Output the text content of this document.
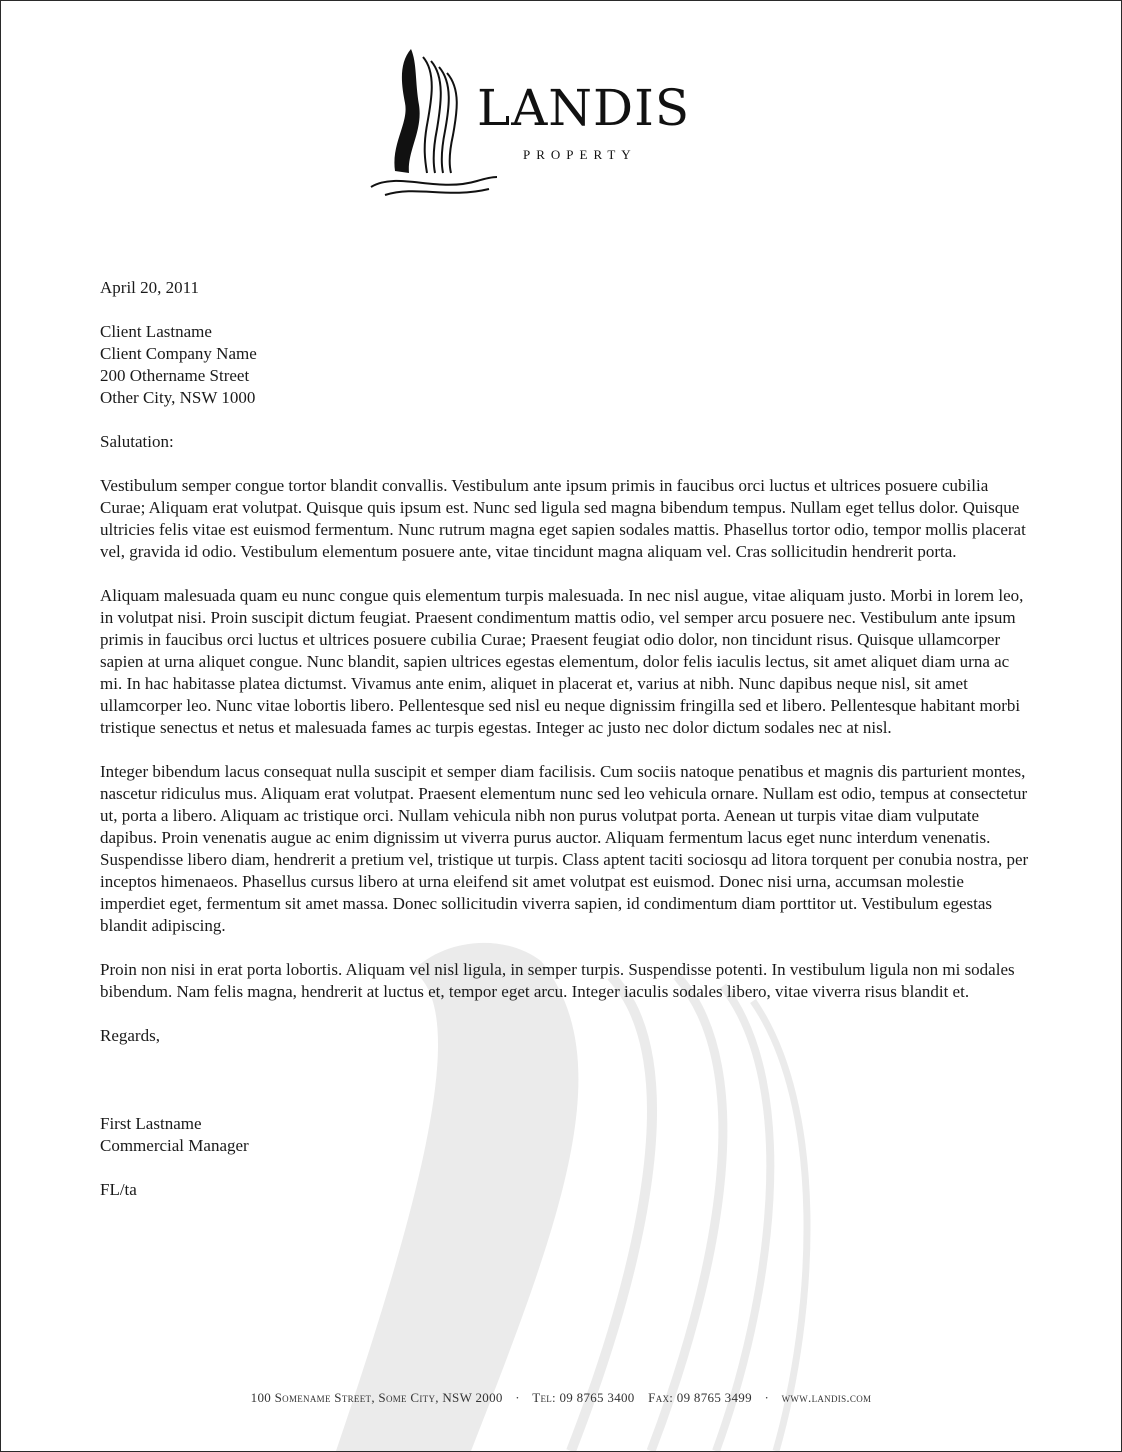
LANDIS
PROPERTY

April 20, 2011

Client Lastname
Client Company Name
200 Othername Street
Other City, NSW 1000

Salutation:

Vestibulum semper congue tortor blandit convallis. Vestibulum ante ipsum primis in faucibus orci luctus et ultrices posuere cubilia Curae; Aliquam erat volutpat. Quisque quis ipsum est. Nunc sed ligula sed magna bibendum tempus. Nullam eget tellus dolor. Quisque ultricies felis vitae est euismod fermentum. Nunc rutrum magna eget sapien sodales mattis. Phasellus tortor odio, tempor mollis placerat vel, gravida id odio. Vestibulum elementum posuere ante, vitae tincidunt magna aliquam vel. Cras sollicitudin hendrerit porta.

Aliquam malesuada quam eu nunc congue quis elementum turpis malesuada. In nec nisl augue, vitae aliquam justo. Morbi in lorem leo, in volutpat nisi. Proin suscipit dictum feugiat. Praesent condimentum mattis odio, vel semper arcu posuere nec. Vestibulum ante ipsum primis in faucibus orci luctus et ultrices posuere cubilia Curae; Praesent feugiat odio dolor, non tincidunt risus. Quisque ullamcorper sapien at urna aliquet congue. Nunc blandit, sapien ultrices egestas elementum, dolor felis iaculis lectus, sit amet aliquet diam urna ac mi. In hac habitasse platea dictumst. Vivamus ante enim, aliquet in placerat et, varius at nibh. Nunc dapibus neque nisl, sit amet ullamcorper leo. Nunc vitae lobortis libero. Pellentesque sed nisl eu neque dignissim fringilla sed et libero. Pellentesque habitant morbi tristique senectus et netus et malesuada fames ac turpis egestas. Integer ac justo nec dolor dictum sodales nec at nisl.

Integer bibendum lacus consequat nulla suscipit et semper diam facilisis. Cum sociis natoque penatibus et magnis dis parturient montes, nascetur ridiculus mus. Aliquam erat volutpat. Praesent elementum nunc sed leo vehicula ornare. Nullam est odio, tempus at consectetur ut, porta a libero. Aliquam ac tristique orci. Nullam vehicula nibh non purus volutpat porta. Aenean ut turpis vitae diam vulputate dapibus. Proin venenatis augue ac enim dignissim ut viverra purus auctor. Aliquam fermentum lacus eget nunc interdum venenatis. Suspendisse libero diam, hendrerit a pretium vel, tristique ut turpis. Class aptent taciti sociosqu ad litora torquent per conubia nostra, per inceptos himenaeos. Phasellus cursus libero at urna eleifend sit amet volutpat est euismod. Donec nisi urna, accumsan molestie imperdiet eget, fermentum sit amet massa. Donec sollicitudin viverra sapien, id condimentum diam porttitor ut. Vestibulum egestas blandit adipiscing.

Proin non nisi in erat porta lobortis. Aliquam vel nisl ligula, in semper turpis. Suspendisse potenti. In vestibulum ligula non mi sodales bibendum. Nam felis magna, hendrerit at luctus et, tempor eget arcu. Integer iaculis sodales libero, vitae viverra risus blandit et.

Regards,

First Lastname
Commercial Manager

FL/ta

100 Somename Street, Some City, NSW 2000 · Tel: 09 8765 3400 Fax: 09 8765 3499 · www.landis.com
